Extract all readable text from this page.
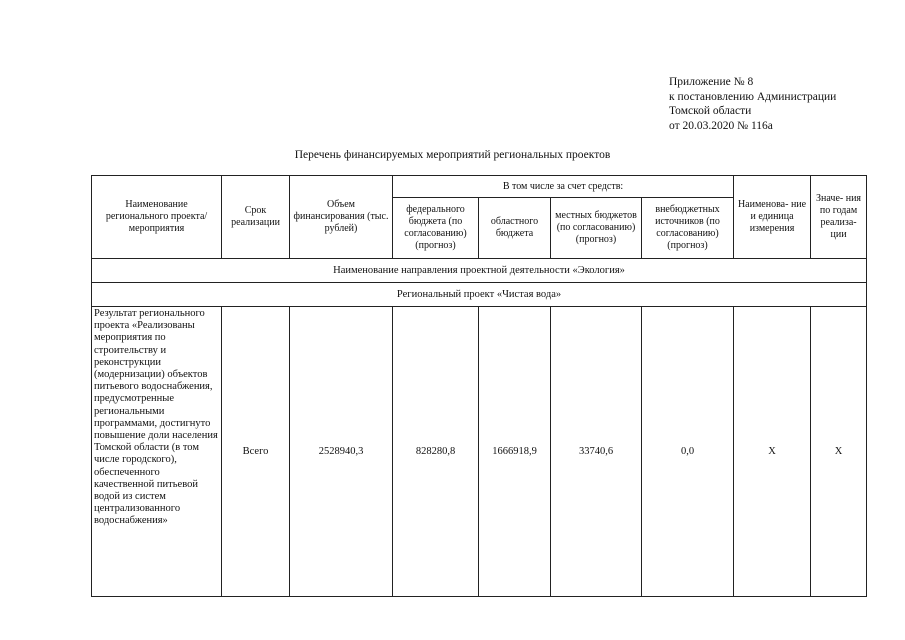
Приложение № 8
к постановлению Администрации
Томской области
от 20.03.2020 № 116а
Перечень финансируемых мероприятий региональных проектов
Наименование регионального проекта/ мероприятия	Срок реализации	Объем финансирования (тыс. рублей)	В том числе за счет средств:				Наименова- ние и единица измерения	Значе- ния по годам реализа- ции
			федерального бюджета (по согласованию) (прогноз)	областного бюджета	местных бюджетов (по согласованию) (прогноз)	внебюджетных источников (по согласованию) (прогноз)		
Наименование направления проектной деятельности «Экология»								
Региональный проект «Чистая вода»								
Результат регионального проекта «Реализованы мероприятия по строительству и реконструкции (модернизации) объектов питьевого водоснабжения, предусмотренные региональными программами, достигнуто повышение доли населения Томской области (в том числе городского), обеспеченного качественной питьевой водой из систем централизованного водоснабжения»	Всего	2528940,3	828280,8	1666918,9	33740,6	0,0	Х	Х
